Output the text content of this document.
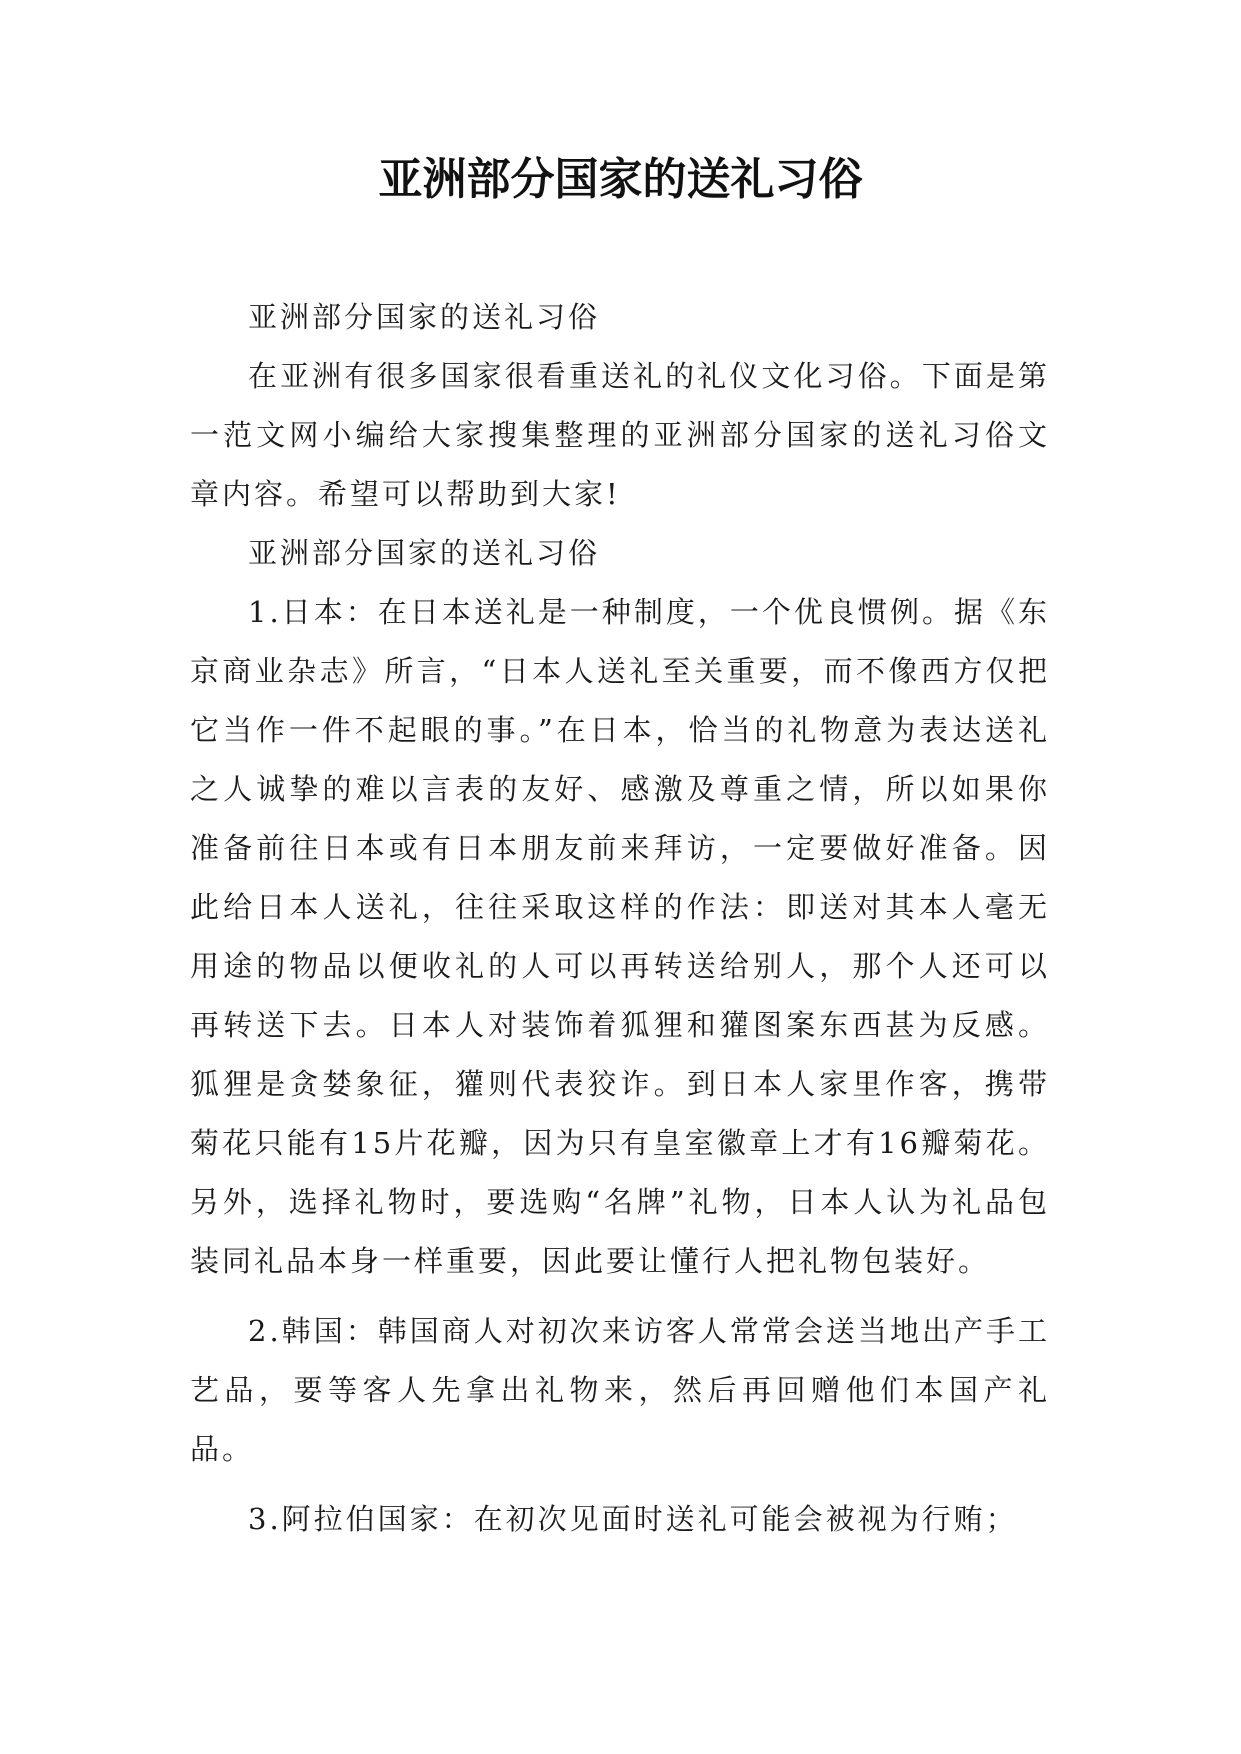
亚洲部分国家的送礼习俗

亚洲部分国家的送礼习俗

在亚洲有很多国家很看重送礼的礼仪文化习俗。下面是第一范文网小编给大家搜集整理的亚洲部分国家的送礼习俗文章内容。希望可以帮助到大家!

亚洲部分国家的送礼习俗

1.日本：在日本送礼是一种制度，一个优良惯例。据《东京商业杂志》所言，“日本人送礼至关重要，而不像西方仅把它当作一件不起眼的事。”在日本，恰当的礼物意为表达送礼之人诚挚的难以言表的友好、感激及尊重之情，所以如果你准备前往日本或有日本朋友前来拜访，一定要做好准备。因此给日本人送礼，往往采取这样的作法：即送对其本人毫无用途的物品以便收礼的人可以再转送给别人，那个人还可以再转送下去。日本人对装饰着狐狸和獾图案东西甚为反感。狐狸是贪婪象征，獾则代表狡诈。到日本人家里作客，携带菊花只能有15片花瓣，因为只有皇室徽章上才有16瓣菊花。另外，选择礼物时，要选购“名牌”礼物，日本人认为礼品包装同礼品本身一样重要，因此要让懂行人把礼物包装好。

2.韩国：韩国商人对初次来访客人常常会送当地出产手工艺品，要等客人先拿出礼物来，然后再回赠他们本国产礼品。

3.阿拉伯国家：在初次见面时送礼可能会被视为行贿；
